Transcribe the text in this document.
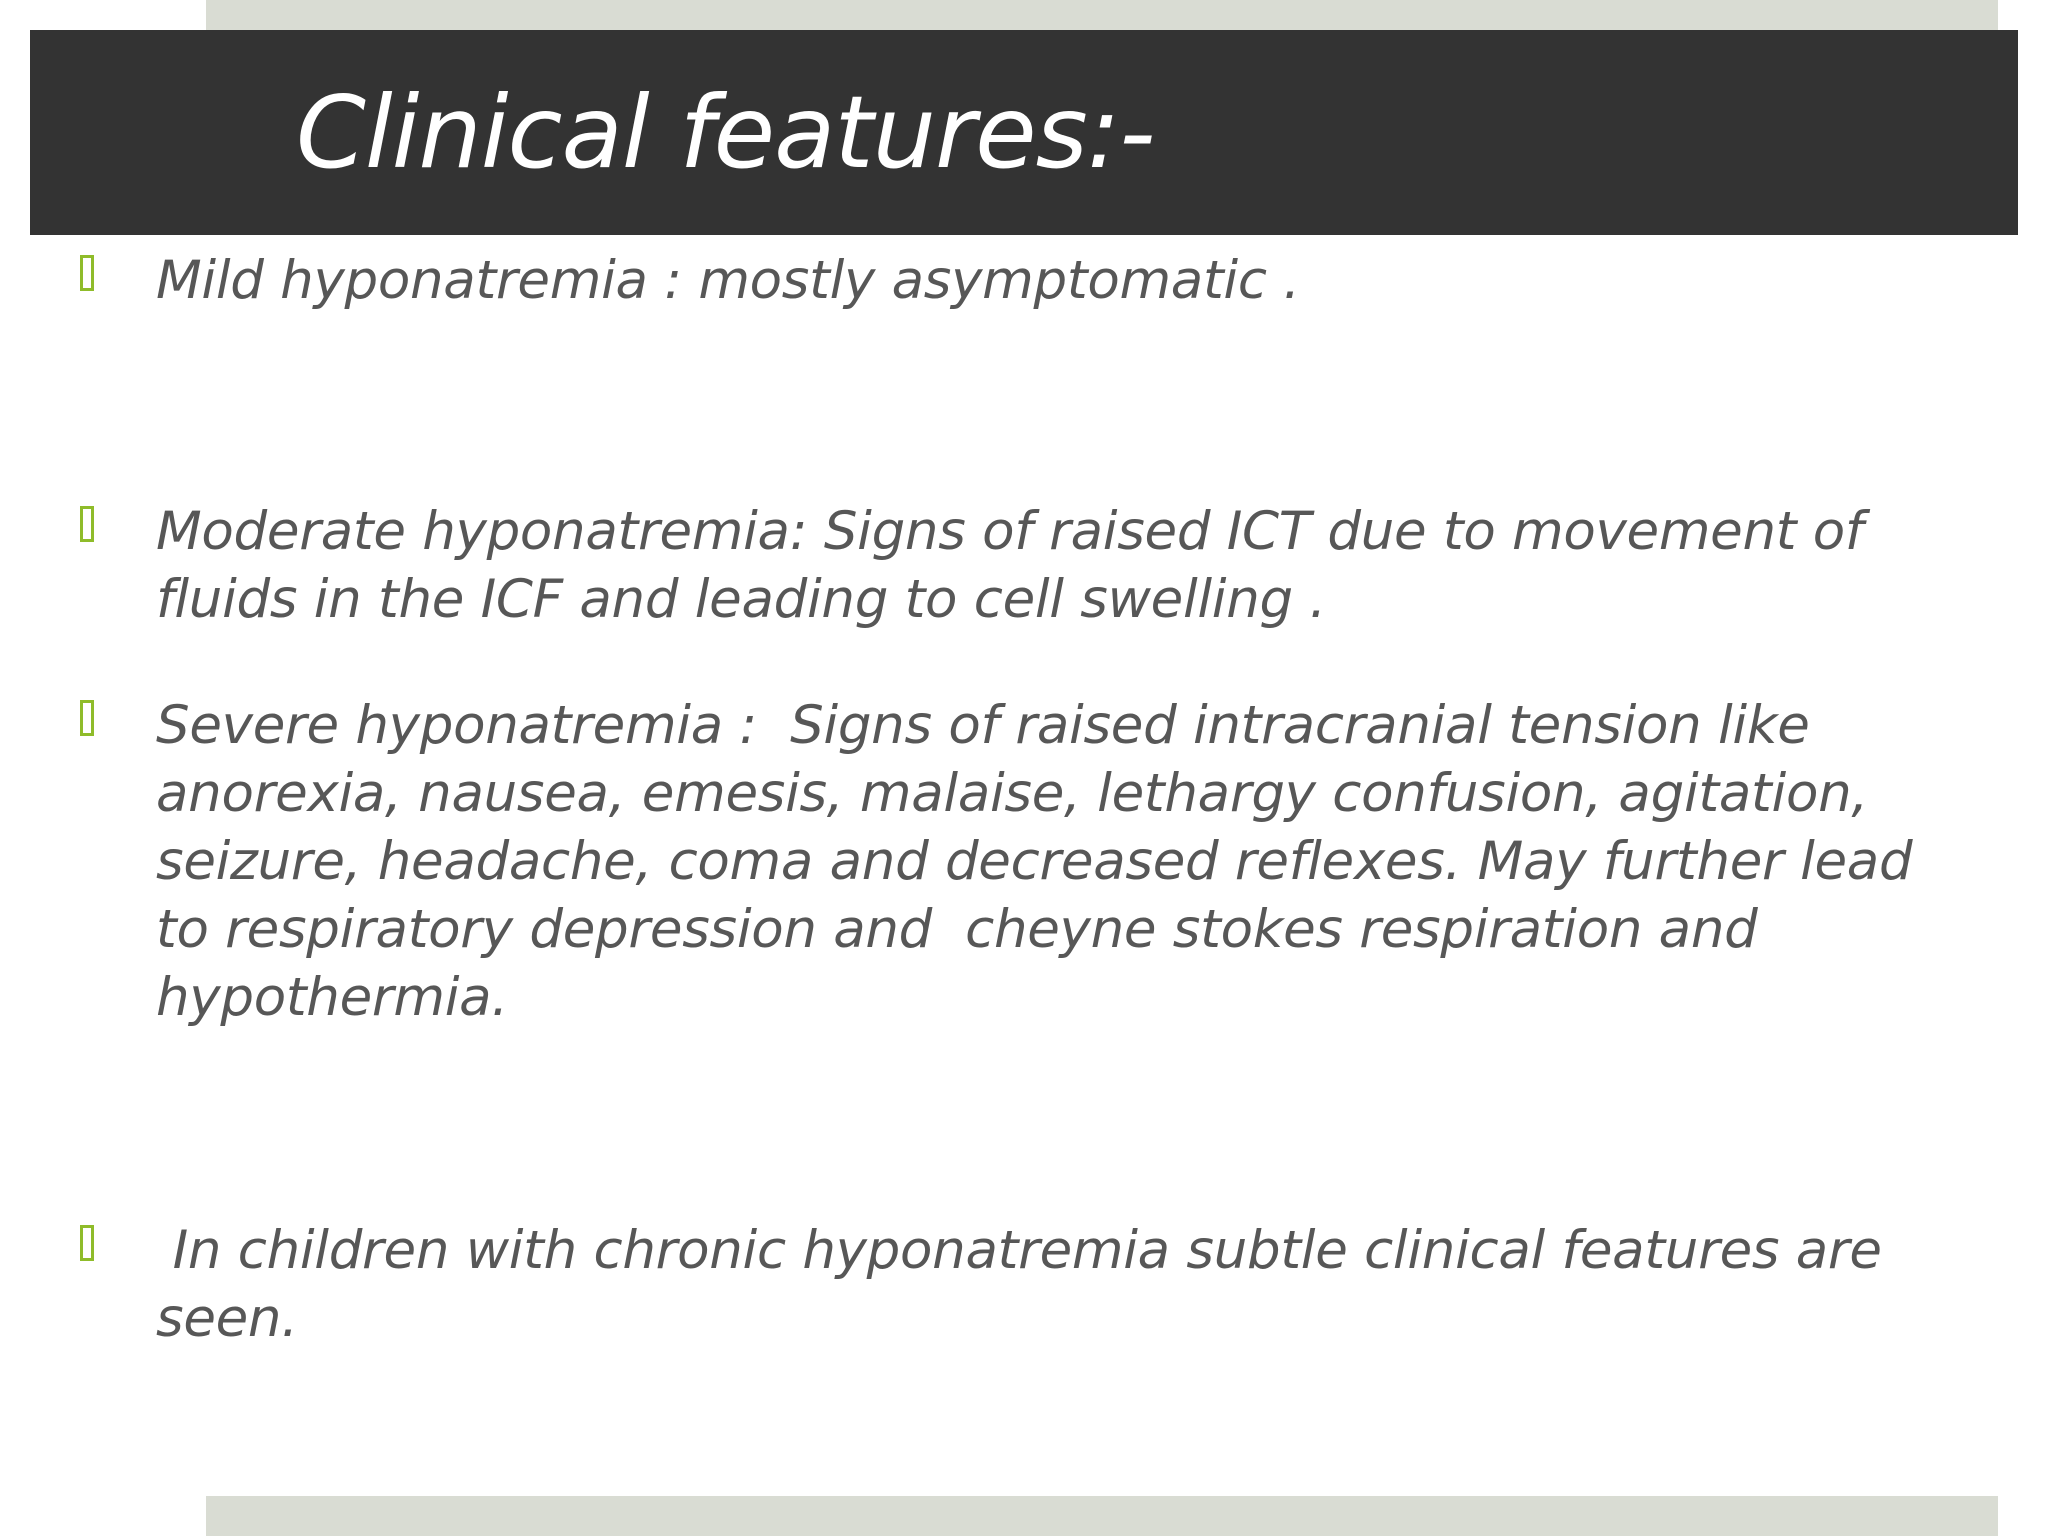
Clinical features:-

Mild hyponatremia : mostly asymptomatic .

Moderate hyponatremia: Signs of raised ICT due to movement of fluids in the ICF and leading to cell swelling .

Severe hyponatremia :  Signs of raised intracranial tension like anorexia, nausea, emesis, malaise, lethargy confusion, agitation, seizure, headache, coma and decreased reflexes. May further lead to respiratory depression and  cheyne stokes respiration and hypothermia.

In children with chronic hyponatremia subtle clinical features are seen.
